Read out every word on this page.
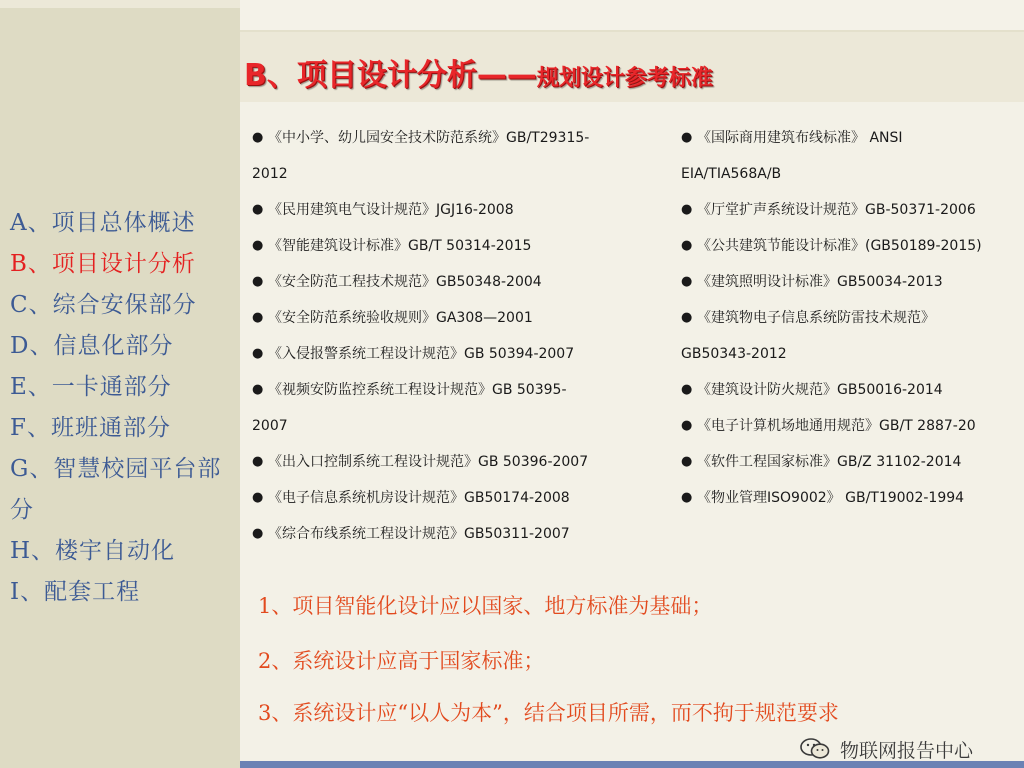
A、项目总体概述
B、项目设计分析
C、综合安保部分
D、信息化部分
E、一卡通部分
F、班班通部分
G、智慧校园平台部分
H、楼宇自动化
I、配套工程
B、项目设计分析——规划设计参考标准
● 《中小学、幼儿园安全技术防范系统》GB/T29315-
2012
● 《民用建筑电气设计规范》JGJ16-2008
● 《智能建筑设计标准》GB/T 50314-2015
● 《安全防范工程技术规范》GB50348-2004
● 《安全防范系统验收规则》GA308—2001
● 《入侵报警系统工程设计规范》GB 50394-2007
● 《视频安防监控系统工程设计规范》GB 50395-
2007
● 《出入口控制系统工程设计规范》GB 50396-2007
● 《电子信息系统机房设计规范》GB50174-2008
● 《综合布线系统工程设计规范》GB50311-2007
● 《国际商用建筑布线标准》 ANSI
EIA/TIA568A/B
● 《厅堂扩声系统设计规范》GB-50371-2006
● 《公共建筑节能设计标准》(GB50189-2015)
● 《建筑照明设计标准》GB50034-2013
● 《建筑物电子信息系统防雷技术规范》
GB50343-2012
● 《建筑设计防火规范》GB50016-2014
● 《电子计算机场地通用规范》GB/T 2887-20
● 《软件工程国家标准》GB/Z 31102-2014
● 《物业管理ISO9002》 GB/T19002-1994
1、项目智能化设计应以国家、地方标准为基础；
2、系统设计应高于国家标准；
3、系统设计应“以人为本”，结合项目所需，而不拘于规范要求
物联网报告中心
